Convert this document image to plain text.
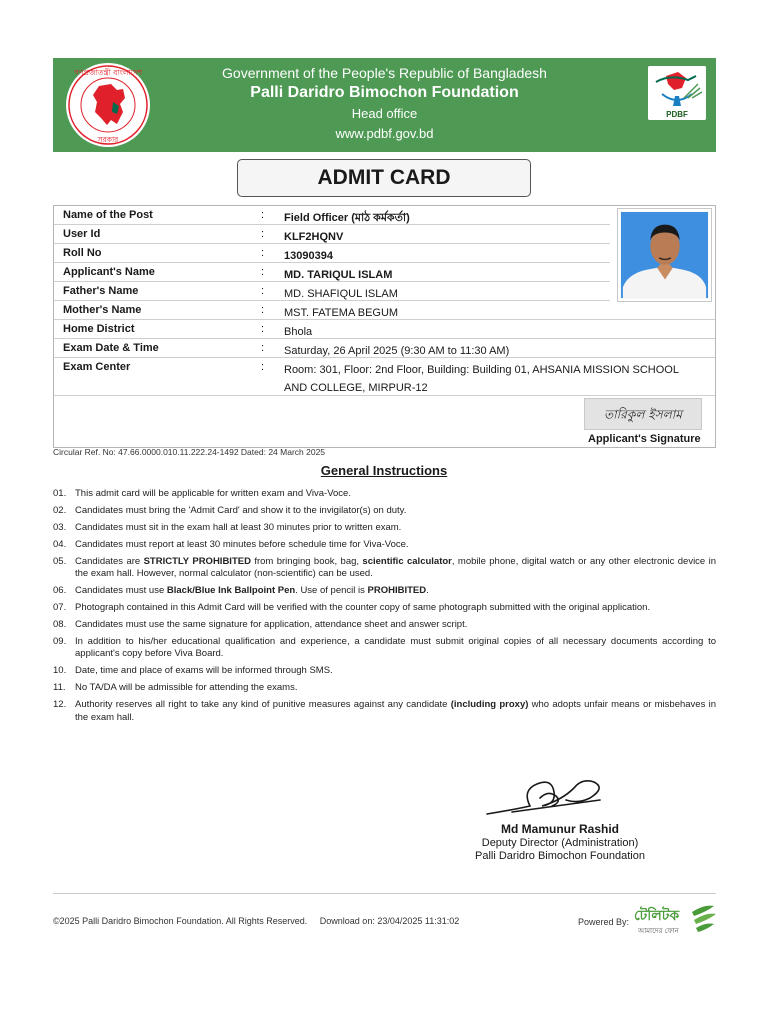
গণপ্রজাতন্ত্রী বাংলাদেশ
সরকার
Government of the People's Republic of Bangladesh
Palli Daridro Bimochon Foundation
Head office
www.pdbf.gov.bd
PDBF
ADMIT CARD
Name of the Post	: Field Officer (মাঠ কর্মকর্তা)
User Id	: KLF2HQNV
Roll No	: 13090394
Applicant's Name	: MD. TARIQUL ISLAM
Father's Name	: MD. SHAFIQUL ISLAM
Mother's Name	: MST. FATEMA BEGUM
Home District	: Bhola
Exam Date & Time	: Saturday, 26 April 2025 (9:30 AM to 11:30 AM)
Exam Center	: Room: 301, Floor: 2nd Floor, Building: Building 01, AHSANIA MISSION SCHOOL AND COLLEGE, MIRPUR-12
তারিকুল ইসলাম
Applicant's Signature
Circular Ref. No: 47.66.0000.010.11.222.24-1492 Dated: 24 March 2025
General Instructions
01. This admit card will be applicable for written exam and Viva-Voce.
02. Candidates must bring the 'Admit Card' and show it to the invigilator(s) on duty.
03. Candidates must sit in the exam hall at least 30 minutes prior to written exam.
04. Candidates must report at least 30 minutes before schedule time for Viva-Voce.
05. Candidates are STRICTLY PROHIBITED from bringing book, bag, scientific calculator, mobile phone, digital watch or any other electronic device in the exam hall. However, normal calculator (non-scientific) can be used.
06. Candidates must use Black/Blue Ink Ballpoint Pen. Use of pencil is PROHIBITED.
07. Photograph contained in this Admit Card will be verified with the counter copy of same photograph submitted with the original application.
08. Candidates must use the same signature for application, attendance sheet and answer script.
09. In addition to his/her educational qualification and experience, a candidate must submit original copies of all necessary documents according to applicant's copy before Viva Board.
10. Date, time and place of exams will be informed through SMS.
11. No TA/DA will be admissible for attending the exams.
12. Authority reserves all right to take any kind of punitive measures against any candidate (including proxy) who adopts unfair means or misbehaves in the exam hall.
Md Mamunur Rashid
Deputy Director (Administration)
Palli Daridro Bimochon Foundation
©2025 Palli Daridro Bimochon Foundation. All Rights Reserved. Download on: 23/04/2025 11:31:02	Powered By: টেলিটক
আমাদের ফোন
